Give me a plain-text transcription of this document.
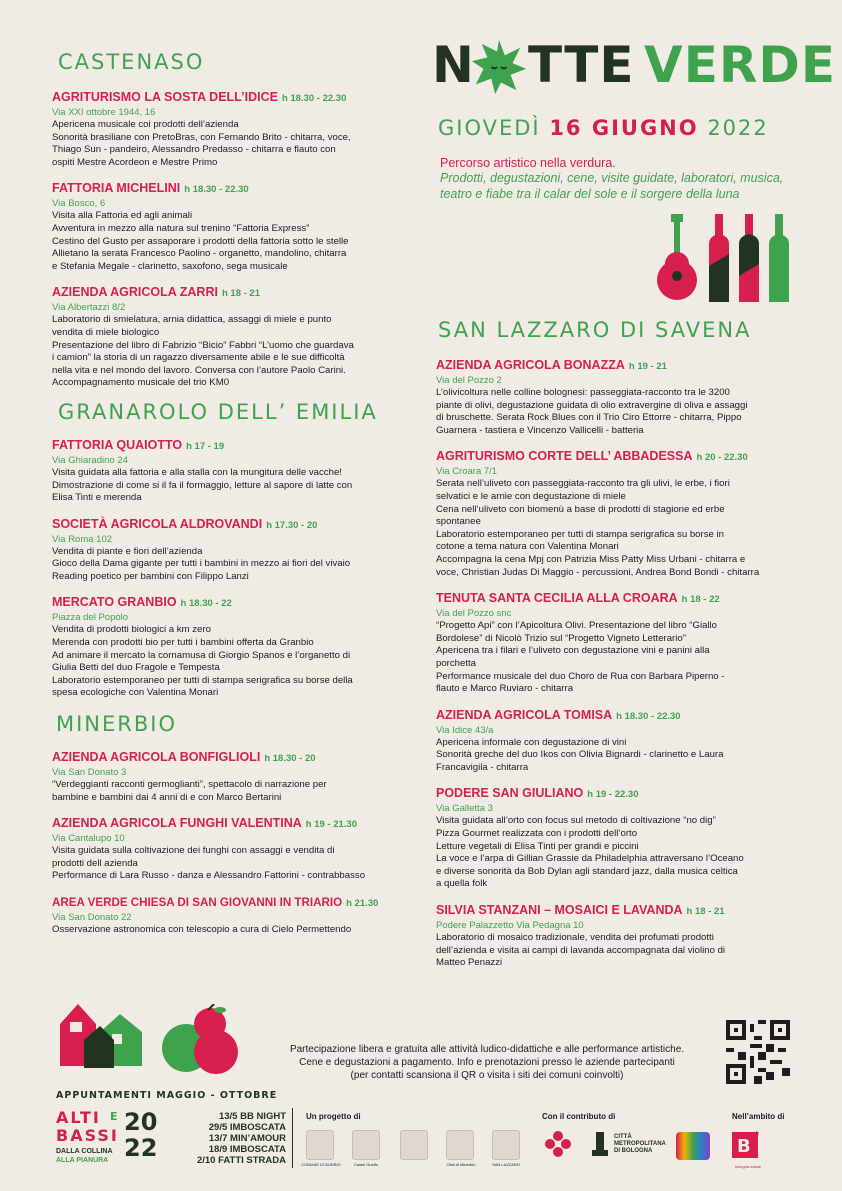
N TTE VERDE
GIOVEDÌ 16 GIUGNO 2022
Percorso artistico nella verdura.
Prodotti, degustazioni, cene, visite guidate, laboratori, musica, teatro e fiabe tra il calar del sole e il sorgere della luna
CASTENASO
AGRITURISMO LA SOSTA DELL’IDICE h 18.30 - 22.30
Via XXI ottobre 1944, 16
Apericena musicale coi prodotti dell’azienda
Sonorità brasiliane con PretoBras, con Fernando Brito - chitarra, voce,
Thiago Sun - pandeiro, Alessandro Predasso - chitarra e flauto con
ospiti Mestre Acordeon e Mestre Primo
FATTORIA MICHELINI h 18.30 - 22.30
Via Bosco, 6
Visita alla Fattoria ed agli animali
Avventura in mezzo alla natura sul trenino “Fattoria Express”
Cestino del Gusto per assaporare i prodotti della fattoria sotto le stelle
Allietano la serata Francesco Paolino - organetto, mandolino, chitarra
e Stefania Megale - clarinetto, saxofono, sega musicale
AZIENDA AGRICOLA ZARRI h 18 - 21
Via Albertazzi 8/2
Laboratorio di smielatura, arnia didattica, assaggi di miele e punto
vendita di miele biologico
Presentazione del libro di Fabrizio “Bicio” Fabbri “L’uomo che guardava
i camion” la storia di un ragazzo diversamente abile e le sue difficoltà
nella vita e nel mondo del lavoro. Conversa con l’autore Paolo Carini.
Accompagnamento musicale del trio KM0
GRANAROLO DELL’ EMILIA
FATTORIA QUAIOTTO h 17 - 19
Via Ghiaradino 24
Visita guidata alla fattoria e alla stalla con la mungitura delle vacche!
Dimostrazione di come si il fa il formaggio, letture al sapore di latte con
Elisa Tinti e merenda
SOCIETÀ AGRICOLA ALDROVANDI h 17.30 - 20
Via Roma 102
Vendita di piante e fiori dell’azienda
Gioco della Dama gigante per tutti i bambini in mezzo ai fiori del vivaio
Reading poetico per bambini con Filippo Lanzi
MERCATO GRANBIO h 18.30 - 22
Piazza del Popolo
Vendita di prodotti biologici a km zero
Merenda con prodotti bio per tutti i bambini offerta da Granbio
Ad animare il mercato la cornamusa di Giorgio Spanos e l’organetto di
Giulia Betti del duo Fragole e Tempesta
Laboratorio estemporaneo per tutti di stampa serigrafica su borse della
spesa ecologiche con Valentina Monari
MINERBIO
AZIENDA AGRICOLA BONFIGLIOLI h 18.30 - 20
Via San Donato 3
“Verdeggianti racconti germoglianti”, spettacolo di narrazione per
bambine e bambini dai 4 anni di e con Marco Bertarini
AZIENDA AGRICOLA FUNGHI VALENTINA h 19 - 21.30
Via Cantalupo 10
Visita guidata sulla coltivazione dei funghi con assaggi e vendita di
prodotti dell azienda
Performance di Lara Russo - danza e Alessandro Fattorini - contrabbasso
AREA VERDE CHIESA DI SAN GIOVANNI IN TRIARIO h 21.30
Via San Donato 22
Osservazione astronomica con telescopio a cura di Cielo Permettendo
SAN LAZZARO DI SAVENA
AZIENDA AGRICOLA BONAZZA h 19 - 21
Via del Pozzo 2
L’olivicoltura nelle colline bolognesi: passeggiata-racconto tra le 3200
piante di olivi, degustazione guidata di olio extravergine di oliva e assaggi
di bruschette. Serata Rock Blues con il Trio Ciro Ettorre - chitarra, Pippo
Guarnera - tastiera e Vincenzo Vallicelli - batteria
AGRITURISMO CORTE DELL’ ABBADESSA h 20 - 22.30
Via Croara 7/1
Serata nell’uliveto con passeggiata-racconto tra gli ulivi, le erbe, i fiori
selvatici e le arnie con degustazione di miele
Cena nell’uliveto con biomenù a base di prodotti di stagione ed erbe
spontanee
Laboratorio estemporaneo per tutti di stampa serigrafica su borse in
cotone a tema natura con Valentina Monari
Accompagna la cena Mpj con Patrizia Miss Patty Miss Urbani - chitarra e
voce, Christian Judas Di Maggio - percussioni, Andrea Bond Bondi - chitarra
TENUTA SANTA CECILIA ALLA CROARA h 18 - 22
Via del Pozzo snc
“Progetto Api” con l’Apicoltura Olivi. Presentazione del libro “Giallo
Bordolese” di Nicolò Trizio sul “Progetto Vigneto Letterario”
Apericena tra i filari e l’uliveto con degustazione vini e panini alla
porchetta
Performance musicale del duo Choro de Rua con Barbara Piperno -
flauto e Marco Ruviaro - chitarra
AZIENDA AGRICOLA TOMISA h 18.30 - 22.30
Via Idice 43/a
Apericena informale con degustazione di vini
Sonorità greche del duo Ikos con Olivia Bignardi - clarinetto e Laura
Francavigila - chitarra
PODERE SAN GIULIANO h 19 - 22.30
Via Galletta 3
Visita guidata all’orto con focus sul metodo di coltivazione “no dig”
Pizza Gourmet realizzata con i prodotti dell’orto
Letture vegetali di Elisa Tinti per grandi e piccini
La voce e l’arpa di Gillian Grassie da Philadelphia attraversano l’Oceano
e diverse sonorità da Bob Dylan agli standard jazz, dalla musica celtica
a quella folk
SILVIA STANZANI – MOSAICI E LAVANDA h 18 - 21
Podere Palazzetto Via Pedagna 10
Laboratorio di mosaico tradizionale, vendita dei profumati prodotti
dell’azienda e visita ai campi di lavanda accompagnata dal violino di
Matteo Penazzi
Partecipazione libera e gratuita alle attività ludico-didattiche e alle performance artistiche.
Cene e degustazioni a pagamento. Info e prenotazioni presso le aziende partecipanti
(per contatti scansiona il QR o visita i siti dei comuni coinvolti)
APPUNTAMENTI MAGGIO - OTTOBRE
ALTI E
BASSI 20
22
DALLA COLLINA
ALLA PIANURA
13/5 BB NIGHT
29/5 IMBOSCATA
13/7 MIN’AMOUR
18/9 IMBOSCATA
2/10 FATTI STRADA
Un progetto di	Con il contributo di	Nell’ambito di
COMUNE DI BUDRIO	Castel Guelfo	Città di Minerbio	SAN LAZZARO
CITTÀ METROPOLITANA DI BOLOGNA	B
*
bologna estate
